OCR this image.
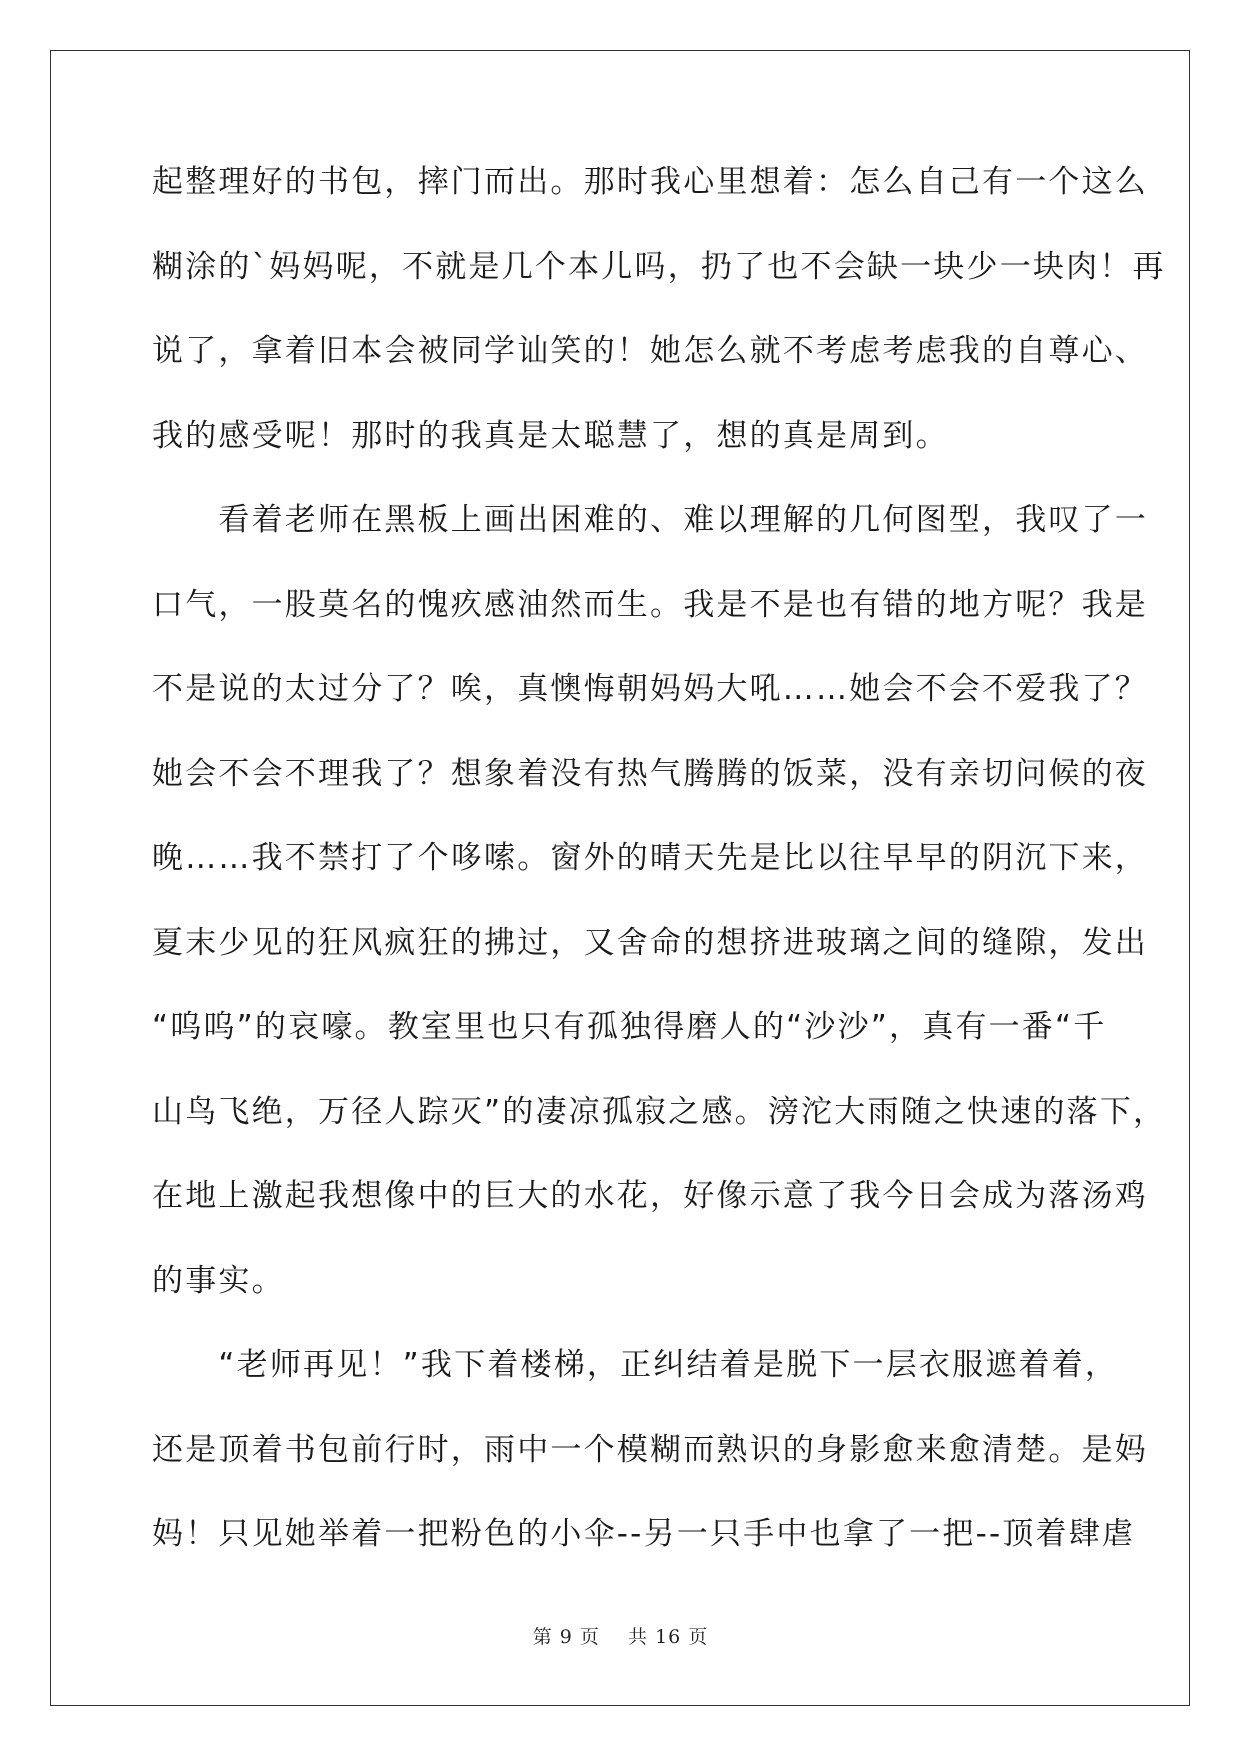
起整理好的书包，摔门而出。那时我心里想着：怎么自己有一个这么
糊涂的`妈妈呢，不就是几个本儿吗，扔了也不会缺一块少一块肉！再
说了，拿着旧本会被同学讪笑的！她怎么就不考虑考虑我的自尊心、
我的感受呢！那时的我真是太聪慧了，想的真是周到。
　　看着老师在黑板上画出困难的、难以理解的几何图型，我叹了一
口气，一股莫名的愧疚感油然而生。我是不是也有错的地方呢？我是
不是说的太过分了？唉，真懊悔朝妈妈大吼……她会不会不爱我了？
她会不会不理我了？想象着没有热气腾腾的饭菜，没有亲切问候的夜
晚……我不禁打了个哆嗦。窗外的晴天先是比以往早早的阴沉下来，
夏末少见的狂风疯狂的拂过，又舍命的想挤进玻璃之间的缝隙，发出
“呜呜”的哀嚎。教室里也只有孤独得磨人的“沙沙”，真有一番“千
山鸟飞绝，万径人踪灭”的凄凉孤寂之感。滂沱大雨随之快速的落下，
在地上激起我想像中的巨大的水花，好像示意了我今日会成为落汤鸡
的事实。
　　“老师再见！”我下着楼梯，正纠结着是脱下一层衣服遮着着，
还是顶着书包前行时，雨中一个模糊而熟识的身影愈来愈清楚。是妈
妈！只见她举着一把粉色的小伞--另一只手中也拿了一把--顶着肆虐
第 9 页 共 16 页
